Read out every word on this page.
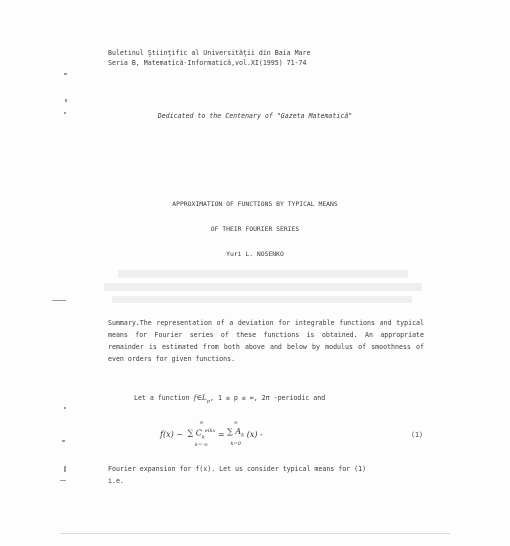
Buletinul Ştiinţific al Universităţii din Baia Mare
Seria B, Matematică-Informatică,vol.XI(1995) 71-74
Dedicated to the Centenary of "Gazeta Matematică"
APPROXIMATION OF FUNCTIONS BY TYPICAL MEANS
OF THEIR FOURIER SERIES
Yuri L. NOSENKO
Summary.The representation of a deviation for integrable functions and typical means for Fourier series of these functions is obtained. An appropriate remainder is estimated from both above and below by modulus of smoothness of even orders for given functions.
Let a function $f\in L_p$, 1 ≤ p ≤ ∞, 2π -periodic and
f(x) ~
∞
∑ $C_k^{eikx}$
k=-∞
=
∞
∑ $A_k$
k=0
(x) -	(1)
Fourier expansion for f(x). Let us consider typical means for (1)
i.e.
